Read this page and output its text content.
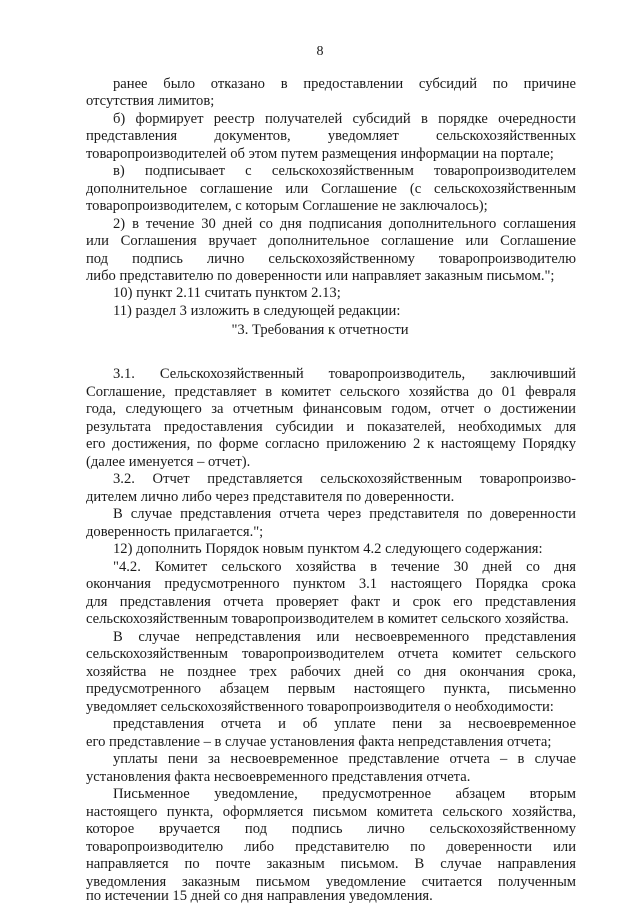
8
ранее было отказано в предоставлении субсидий по причине
отсутствия лимитов;
б) формирует реестр получателей субсидий в порядке очередности
представления документов, уведомляет сельскохозяйственных
товаропроизводителей об этом путем размещения информации на портале;
в) подписывает с сельскохозяйственным товаропроизводителем
дополнительное соглашение или Соглашение (с сельскохозяйственным
товаропроизводителем, с которым Соглашение не заключалось);
2) в течение 30 дней со дня подписания дополнительного соглашения
или Соглашения вручает дополнительное соглашение или Соглашение
под подпись лично сельскохозяйственному товаропроизводителю
либо представителю по доверенности или направляет заказным письмом.";
10) пункт 2.11 считать пунктом 2.13;
11) раздел 3 изложить в следующей редакции:
"3. Требования к отчетности
3.1. Сельскохозяйственный товаропроизводитель, заключивший
Соглашение, представляет в комитет сельского хозяйства до 01 февраля
года, следующего за отчетным финансовым годом, отчет о достижении
результата предоставления субсидии и показателей, необходимых для
его достижения, по форме согласно приложению 2 к настоящему Порядку
(далее именуется – отчет).
3.2. Отчет представляется сельскохозяйственным товаропроизво-
дителем лично либо через представителя по доверенности.
В случае представления отчета через представителя по доверенности
доверенность прилагается.";
12) дополнить Порядок новым пунктом 4.2 следующего содержания:
"4.2. Комитет сельского хозяйства в течение 30 дней со дня
окончания предусмотренного пунктом 3.1 настоящего Порядка срока
для представления отчета проверяет факт и срок его представления
сельскохозяйственным товаропроизводителем в комитет сельского хозяйства.
В случае непредставления или несвоевременного представления
сельскохозяйственным товаропроизводителем отчета комитет сельского
хозяйства не позднее трех рабочих дней со дня окончания срока,
предусмотренного абзацем первым настоящего пункта, письменно
уведомляет сельскохозяйственного товаропроизводителя о необходимости:
представления отчета и об уплате пени за несвоевременное
его представление – в случае установления факта непредставления отчета;
уплаты пени за несвоевременное представление отчета – в случае
установления факта несвоевременного представления отчета.
Письменное уведомление, предусмотренное абзацем вторым
настоящего пункта, оформляется письмом комитета сельского хозяйства,
которое вручается под подпись лично сельскохозяйственному
товаропроизводителю либо представителю по доверенности или
направляется по почте заказным письмом. В случае направления
уведомления заказным письмом уведомление считается полученным
по истечении 15 дней со дня направления уведомления.
